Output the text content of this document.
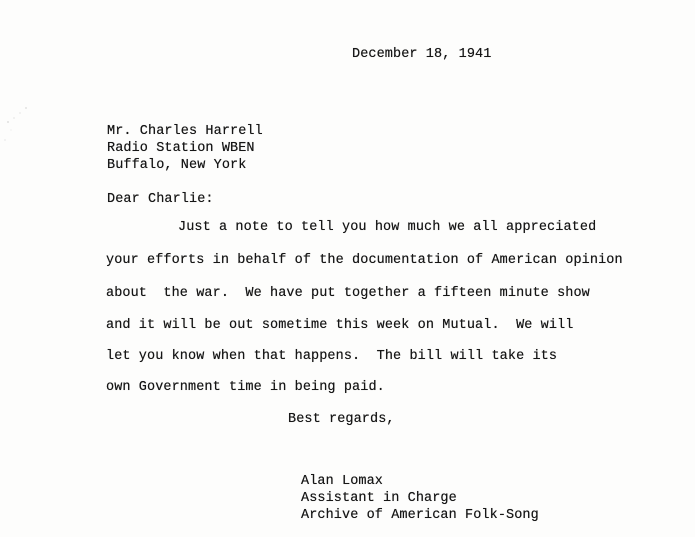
December 18, 1941
Mr. Charles Harrell
Radio Station WBEN
Buffalo, New York
Dear Charlie:
Just a note to tell you how much we all appreciated
your efforts in behalf of the documentation of American opinion
about  the war.  We have put together a fifteen minute show
and it will be out sometime this week on Mutual.  We will
let you know when that happens.  The bill will take its
own Government time in being paid.
Best regards,
Alan Lomax
Assistant in Charge
Archive of American Folk-Song
